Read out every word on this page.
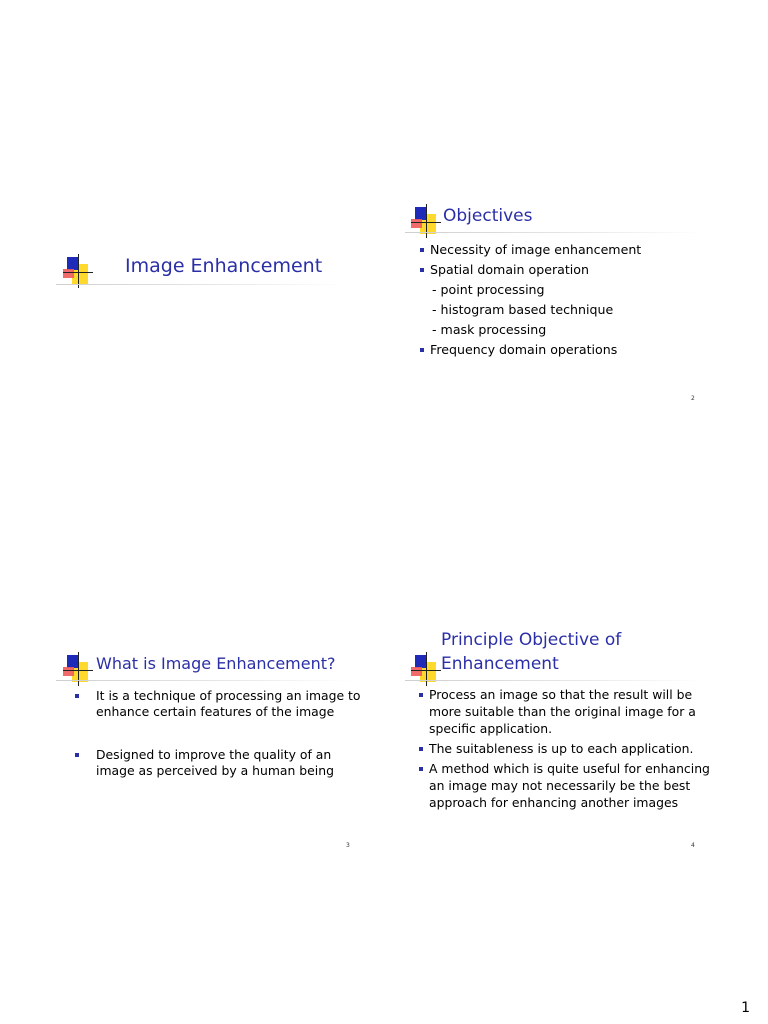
Image Enhancement
Objectives
Necessity of image enhancement
Spatial domain operation
- point processing
- histogram based technique
- mask processing
Frequency domain operations
2
What is Image Enhancement?
It is a technique of processing an image to enhance certain features of the image
Designed to improve the quality of an image as perceived by a human being
3
Principle Objective of
Enhancement
Process an image so that the result will be more suitable than the original image for a specific application.
The suitableness is up to each application.
A method which is quite useful for enhancing an image may not necessarily be the best approach for enhancing another images
4
1
